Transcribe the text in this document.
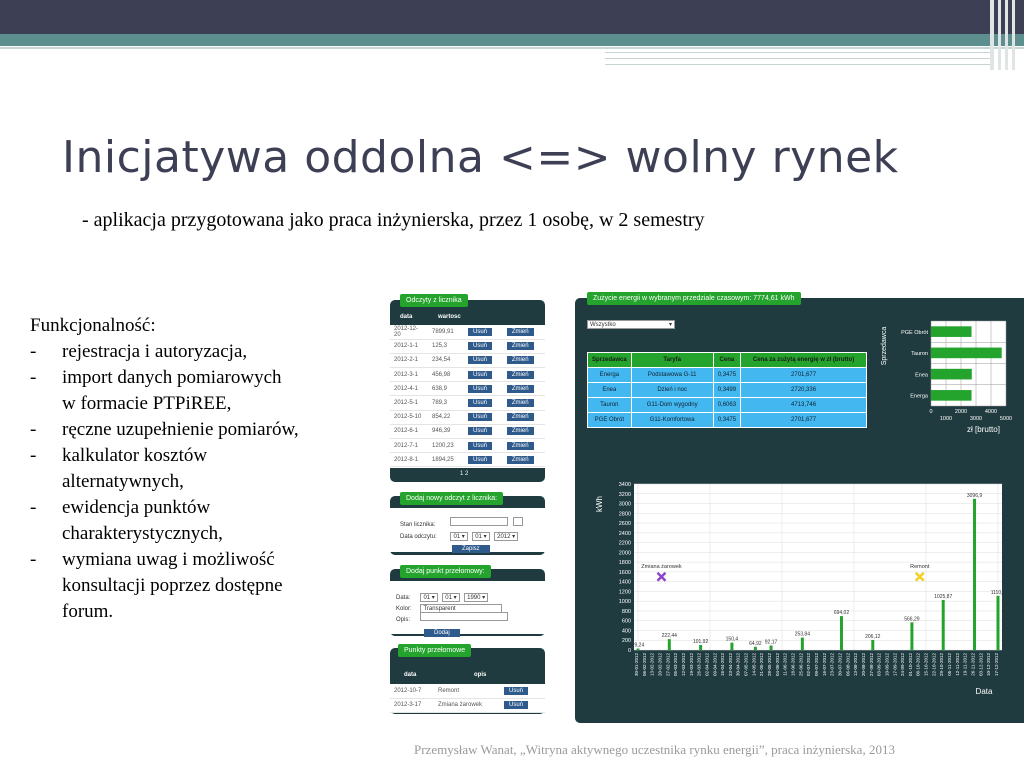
Inicjatywa oddolna <=> wolny rynek
- aplikacja przygotowana jako praca inżynierska, przez 1 osobę, w 2 semestry
Funkcjonalność:
- rejestracja i autoryzacja,
- import danych pomiarowych
w formacie PTPiREE,
- ręczne uzupełnienie pomiarów,
- kalkulator kosztów
alternatywnych,
- ewidencja punktów
charakterystycznych,
- wymiana uwag i możliwość
konsultacji poprzez dostępne
forum.
Odczyty z licznika
data	wartosc
2012-12-20	7899,91	Usuń	Zmień
2012-1-1	125,3	Usuń	Zmień
2012-2-1	234,54	Usuń	Zmień
2012-3-1	456,98	Usuń	Zmień
2012-4-1	638,9	Usuń	Zmień
2012-5-1	789,3	Usuń	Zmień
2012-5-10	854,22	Usuń	Zmień
2012-6-1	946,39	Usuń	Zmień
2012-7-1	1200,23	Usuń	Zmień
2012-8-1	1894,25	Usuń	Zmień
1 2
Dodaj nowy odczyt z licznika:
Stan licznika:
Data odczytu:	01 ▾ 01 ▾ 2012 ▾
Zapisz
Dodaj punkt przełomowy:
Data: 01 ▾ 01 ▾ 1990 ▾
Kolor: Transparent
Opis:
Dodaj
Punkty przełomowe
data	opis
2012-10-7	Remont	Usuń
2012-3-17	Zmiana żarowek	Usuń
Zużycie energii w wybranym przedziale czasowym: 7774,61 kWh
Wszystko	▾
Sprzedawca	Taryfa	Cena	Cena za zużytą energię w zł (brutto)
Energa	Podstawowa G-11	0,3475	2701,677
Enea	Dzień i noc	0,3499	2720,336
Tauron	G11-Dom wygodny	0,6063	4713,746
PGE Obrót	G11-Komfortowa	0,3475	2701,677
PGE Obrót
Tauron
Enea
Energa
0	2000	4000
1000	3000	5000
zł [brutto]
Sprzedawca
0
200
400
600
800
1000
1200
1400
1600
1800
2000
2200
2400
2600
2800
3000
3200
3400
29,24
222,44
101,92	150,4
64,92 92,17
253,84
694,02
206,12
566,29
1025,87
3096,9
1110,6
Zmiana żarowek	Remont
30-01-2012 06-02-2012 13-02-2012 20-02-2012 27-02-2012 05-03-2012 12-03-2012 19-03-2012 26-03-2012 02-04-2012 09-04-2012 16-04-2012 23-04-2012 30-04-2012 07-05-2012 14-05-2012 21-05-2012 28-05-2012 04-06-2012 11-06-2012 18-06-2012 25-06-2012 02-07-2012 09-07-2012 16-07-2012 23-07-2012 30-07-2012 06-08-2012 13-08-2012 20-08-2012 27-08-2012 03-09-2012 10-09-2012 17-09-2012 24-09-2012 01-10-2012 08-10-2012 15-10-2012 22-10-2012 29-10-2012 05-11-2012 12-11-2012 19-11-2012 26-11-2012 03-12-2012 10-12-2012 17-12-2012
Data
kWh
Przemysław Wanat, „Witryna aktywnego uczestnika rynku energii”, praca inżynierska, 2013
